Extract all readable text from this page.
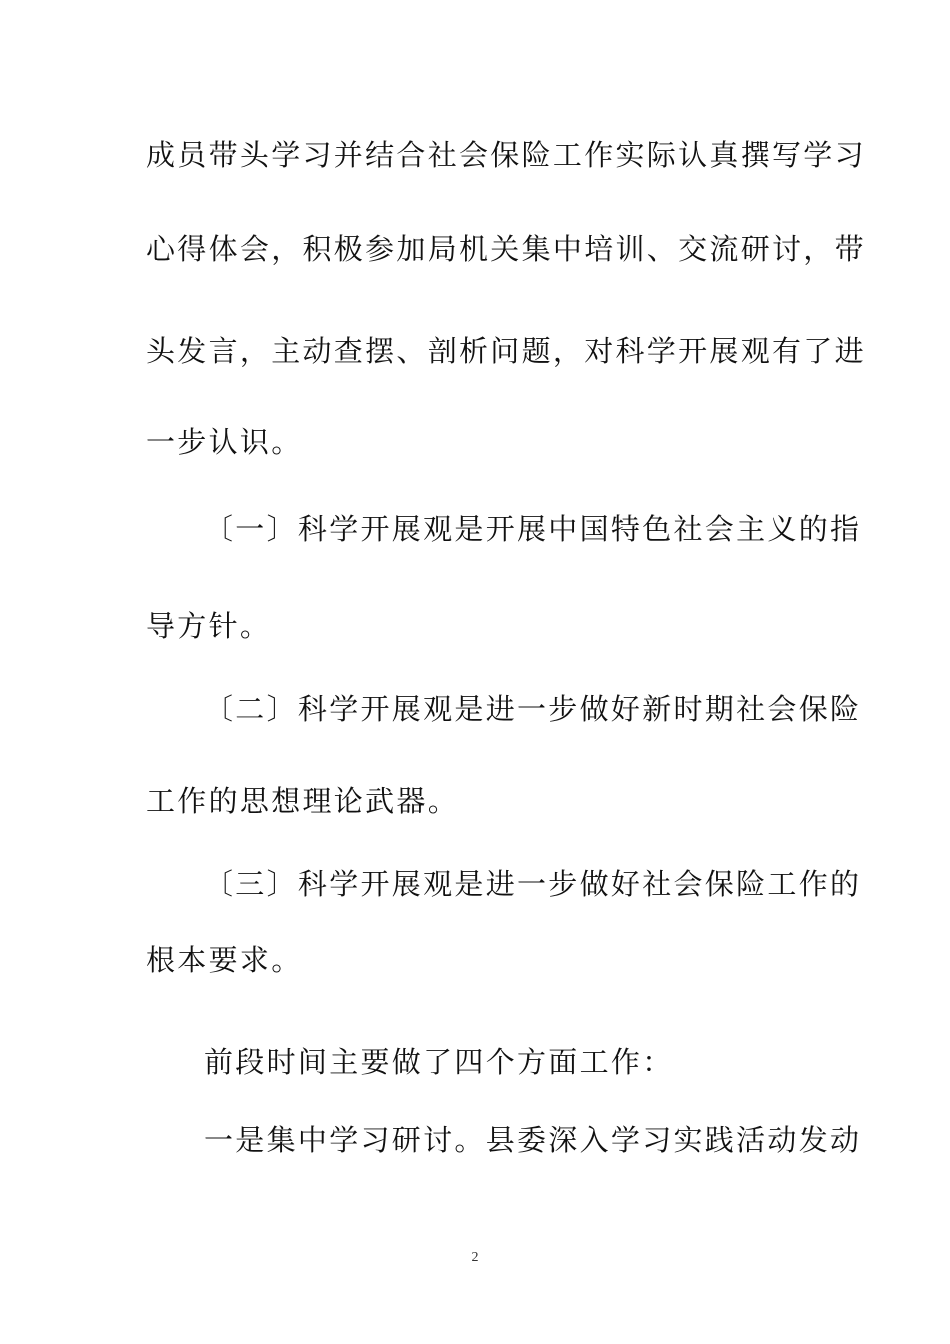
成员带头学习并结合社会保险工作实际认真撰写学习
心得体会，积极参加局机关集中培训、交流研讨，带
头发言，主动查摆、剖析问题，对科学开展观有了进
一步认识。
〔一〕科学开展观是开展中国特色社会主义的指
导方针。
〔二〕科学开展观是进一步做好新时期社会保险
工作的思想理论武器。
〔三〕科学开展观是进一步做好社会保险工作的
根本要求。
前段时间主要做了四个方面工作：
一是集中学习研讨。县委深入学习实践活动发动
2
